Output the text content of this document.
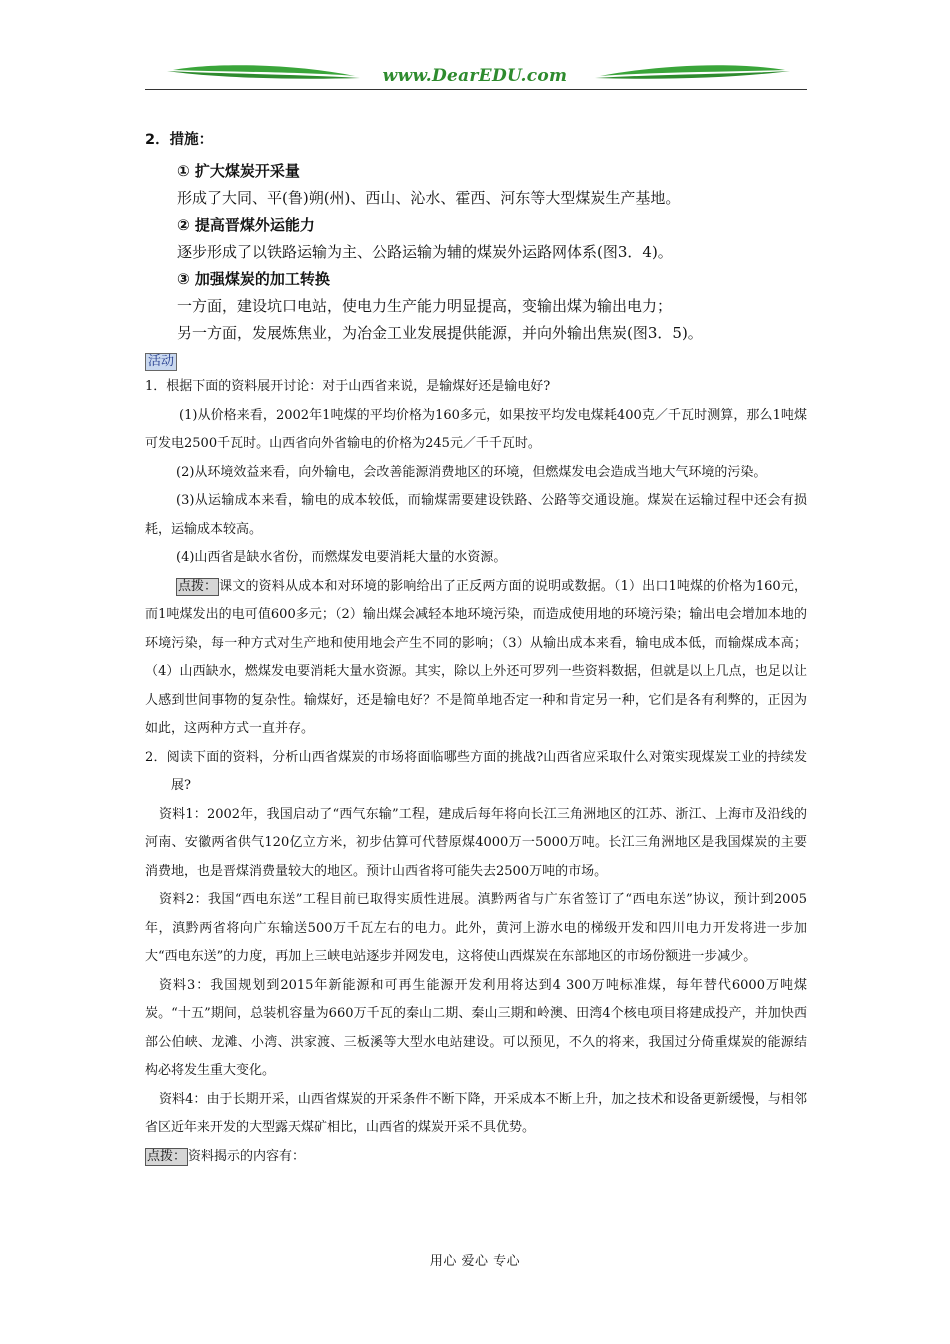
www.DearEDU.com
2．措施：
① 扩大煤炭开采量
形成了大同、平(鲁)朔(州)、西山、沁水、霍西、河东等大型煤炭生产基地。
② 提高晋煤外运能力
逐步形成了以铁路运输为主、公路运输为辅的煤炭外运路网体系(图3．4)。
③ 加强煤炭的加工转换
一方面，建设坑口电站，使电力生产能力明显提高，变输出煤为输出电力；
另一方面，发展炼焦业，为冶金工业发展提供能源，并向外输出焦炭(图3．5)。
活动
1．根据下面的资料展开讨论：对于山西省来说，是输煤好还是输电好?
(1)从价格来看，2002年1吨煤的平均价格为160多元，如果按平均发电煤耗400克／千瓦时测算，那么1吨煤可发电2500千瓦时。山西省向外省输电的价格为245元／千千瓦时。
(2)从环境效益来看，向外输电，会改善能源消费地区的环境，但燃煤发电会造成当地大气环境的污染。
(3)从运输成本来看，输电的成本较低，而输煤需要建设铁路、公路等交通设施。煤炭在运输过程中还会有损耗，运输成本较高。
(4)山西省是缺水省份，而燃煤发电要消耗大量的水资源。
点拨： 课文的资料从成本和对环境的影响给出了正反两方面的说明或数据。（1）出口1吨煤的价格为160元，而1吨煤发出的电可值600多元；（2）输出煤会减轻本地环境污染，而造成使用地的环境污染；输出电会增加本地的环境污染，每一种方式对生产地和使用地会产生不同的影响；（3）从输出成本来看，输电成本低，而输煤成本高；（4）山西缺水，燃煤发电要消耗大量水资源。其实，除以上外还可罗列一些资料数据，但就是以上几点，也足以让人感到世间事物的复杂性。输煤好，还是输电好？不是简单地否定一种和肯定另一种，它们是各有利弊的，正因为如此，这两种方式一直并存。
2．阅读下面的资料，分析山西省煤炭的市场将面临哪些方面的挑战?山西省应采取什么对策实现煤炭工业的持续发展?
资料1：2002年，我国启动了“西气东输”工程，建成后每年将向长江三角洲地区的江苏、浙江、上海市及沿线的河南、安徽两省供气120亿立方米，初步估算可代替原煤4000万一5000万吨。长江三角洲地区是我国煤炭的主要消费地，也是晋煤消费量较大的地区。预计山西省将可能失去2500万吨的市场。
资料2：我国“西电东送”工程目前已取得实质性进展。滇黔两省与广东省签订了“西电东送”协议，预计到2005年，滇黔两省将向广东输送500万千瓦左右的电力。此外，黄河上游水电的梯级开发和四川电力开发将进一步加大“西电东送”的力度，再加上三峡电站逐步并网发电，这将使山西煤炭在东部地区的市场份额进一步减少。
资料3：我国规划到2015年新能源和可再生能源开发利用将达到4 300万吨标准煤，每年替代6000万吨煤炭。“十五”期间，总装机容量为660万千瓦的秦山二期、秦山三期和岭澳、田湾4个核电项目将建成投产，并加快西部公伯峡、龙滩、小湾、洪家渡、三板溪等大型水电站建设。可以预见，不久的将来，我国过分倚重煤炭的能源结构必将发生重大变化。
资料4：由于长期开采，山西省煤炭的开采条件不断下降，开采成本不断上升，加之技术和设备更新缓慢，与相邻省区近年来开发的大型露天煤矿相比，山西省的煤炭开采不具优势。
点拨： 资料揭示的内容有：
用心 爱心 专心
